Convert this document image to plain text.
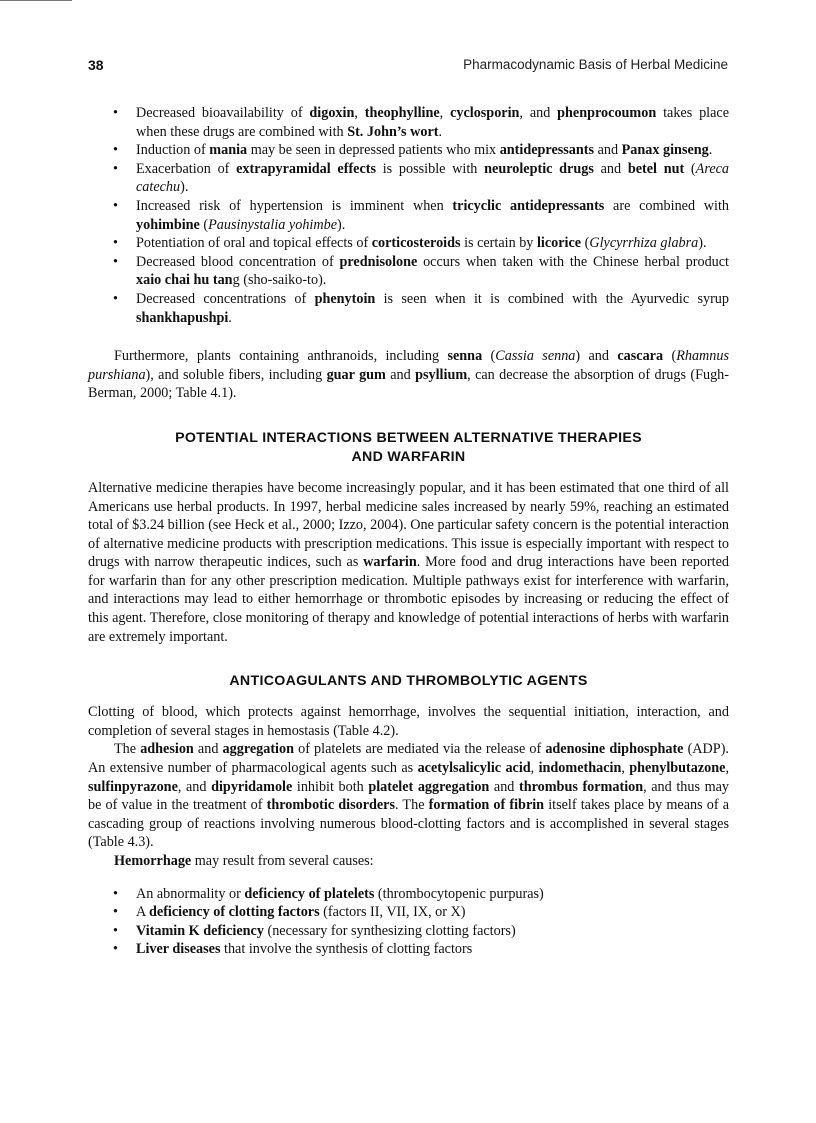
38	Pharmacodynamic Basis of Herbal Medicine
• Decreased bioavailability of digoxin, theophylline, cyclosporin, and phenprocoumon takes place when these drugs are combined with St. John’s wort.
• Induction of mania may be seen in depressed patients who mix antidepressants and Panax ginseng.
• Exacerbation of extrapyramidal effects is possible with neuroleptic drugs and betel nut (Areca catechu).
• Increased risk of hypertension is imminent when tricyclic antidepressants are combined with yohimbine (Pausinystalia yohimbe).
• Potentiation of oral and topical effects of corticosteroids is certain by licorice (Glycyrrhiza glabra).
• Decreased blood concentration of prednisolone occurs when taken with the Chinese herbal product xaio chai hu tang (sho-saiko-to).
• Decreased concentrations of phenytoin is seen when it is combined with the Ayurvedic syrup shankhapushpi.

Furthermore, plants containing anthranoids, including senna (Cassia senna) and cascara (Rhamnus purshiana), and soluble fibers, including guar gum and psyllium, can decrease the absorption of drugs (Fugh-Berman, 2000; Table 4.1).

POTENTIAL INTERACTIONS BETWEEN ALTERNATIVE THERAPIES
AND WARFARIN

Alternative medicine therapies have become increasingly popular, and it has been estimated that one third of all Americans use herbal products. In 1997, herbal medicine sales increased by nearly 59%, reaching an estimated total of $3.24 billion (see Heck et al., 2000; Izzo, 2004). One particular safety concern is the potential interaction of alternative medicine products with prescription medications. This issue is especially important with respect to drugs with narrow therapeutic indices, such as warfarin. More food and drug interactions have been reported for warfarin than for any other prescription medication. Multiple pathways exist for interference with warfarin, and interactions may lead to either hemorrhage or thrombotic episodes by increasing or reducing the effect of this agent. Therefore, close monitoring of therapy and knowledge of potential interactions of herbs with warfarin are extremely important.

ANTICOAGULANTS AND THROMBOLYTIC AGENTS

Clotting of blood, which protects against hemorrhage, involves the sequential initiation, interaction, and completion of several stages in hemostasis (Table 4.2).

The adhesion and aggregation of platelets are mediated via the release of adenosine diphosphate (ADP). An extensive number of pharmacological agents such as acetylsalicylic acid, indomethacin, phenylbutazone, sulfinpyrazone, and dipyridamole inhibit both platelet aggregation and thrombus formation, and thus may be of value in the treatment of thrombotic disorders. The formation of fibrin itself takes place by means of a cascading group of reactions involving numerous blood-clotting factors and is accomplished in several stages (Table 4.3).

Hemorrhage may result from several causes:

• An abnormality or deficiency of platelets (thrombocytopenic purpuras)
• A deficiency of clotting factors (factors II, VII, IX, or X)
• Vitamin K deficiency (necessary for synthesizing clotting factors)
• Liver diseases that involve the synthesis of clotting factors
